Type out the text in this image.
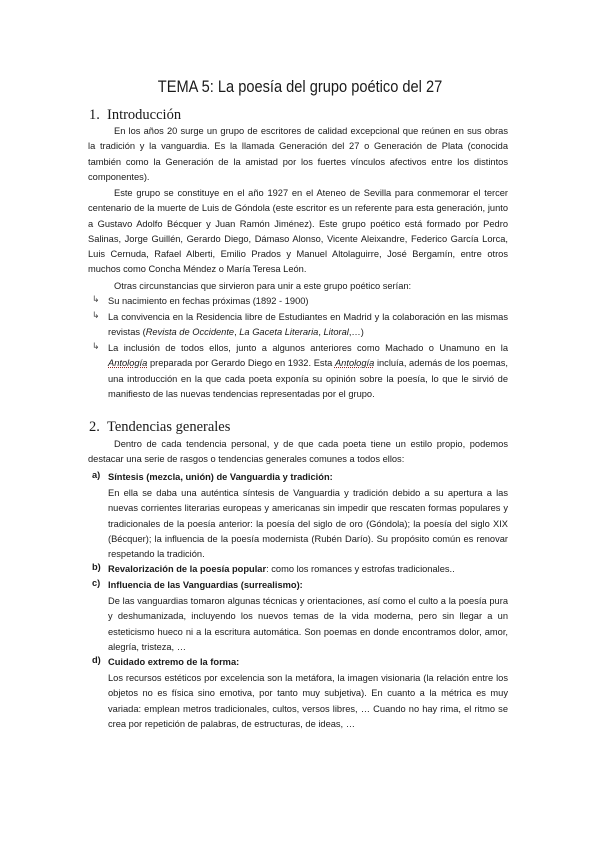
TEMA 5: La poesía del grupo poético del 27
1. Introducción
En los años 20 surge un grupo de escritores de calidad excepcional que reúnen en sus obras la tradición y la vanguardia. Es la llamada Generación del 27 o Generación de Plata (conocida también como la Generación de la amistad por los fuertes vínculos afectivos entre los distintos componentes).
Este grupo se constituye en el año 1927 en el Ateneo de Sevilla para conmemorar el tercer centenario de la muerte de Luis de Góndola (este escritor es un referente para esta generación, junto a Gustavo Adolfo Bécquer y Juan Ramón Jiménez). Este grupo poético está formado por Pedro Salinas, Jorge Guillén, Gerardo Diego, Dámaso Alonso, Vicente Aleixandre, Federico García Lorca, Luis Cernuda, Rafael Alberti, Emilio Prados y Manuel Altolaguirre, José Bergamín, entre otros muchos como Concha Méndez o María Teresa León.
Otras circunstancias que sirvieron para unir a este grupo poético serían:
↳ Su nacimiento en fechas próximas (1892 - 1900)
↳ La convivencia en la Residencia libre de Estudiantes en Madrid y la colaboración en las mismas revistas (Revista de Occidente, La Gaceta Literaria, Litoral,…)
↳ La inclusión de todos ellos, junto a algunos anteriores como Machado o Unamuno en la Antología preparada por Gerardo Diego en 1932. Esta Antología incluía, además de los poemas, una introducción en la que cada poeta exponía su opinión sobre la poesía, lo que le sirvió de manifiesto de las nuevas tendencias representadas por el grupo.
2. Tendencias generales
Dentro de cada tendencia personal, y de que cada poeta tiene un estilo propio, podemos destacar una serie de rasgos o tendencias generales comunes a todos ellos:
a) Síntesis (mezcla, unión) de Vanguardia y tradición:
En ella se daba una auténtica síntesis de Vanguardia y tradición debido a su apertura a las nuevas corrientes literarias europeas y americanas sin impedir que rescaten formas populares y tradicionales de la poesía anterior: la poesía del siglo de oro (Góndola); la poesía del siglo XIX (Bécquer); la influencia de la poesía modernista (Rubén Darío). Su propósito común es renovar respetando la tradición.
b) Revalorización de la poesía popular: como los romances y estrofas tradicionales..
c) Influencia de las Vanguardias (surrealismo):
De las vanguardias tomaron algunas técnicas y orientaciones, así como el culto a la poesía pura y deshumanizada, incluyendo los nuevos temas de la vida moderna, pero sin llegar a un esteticismo hueco ni a la escritura automática. Son poemas en donde encontramos dolor, amor, alegría, tristeza, …
d) Cuidado extremo de la forma:
Los recursos estéticos por excelencia son la metáfora, la imagen visionaria (la relación entre los objetos no es física sino emotiva, por tanto muy subjetiva). En cuanto a la métrica es muy variada: emplean metros tradicionales, cultos, versos libres, … Cuando no hay rima, el ritmo se crea por repetición de palabras, de estructuras, de ideas, …
